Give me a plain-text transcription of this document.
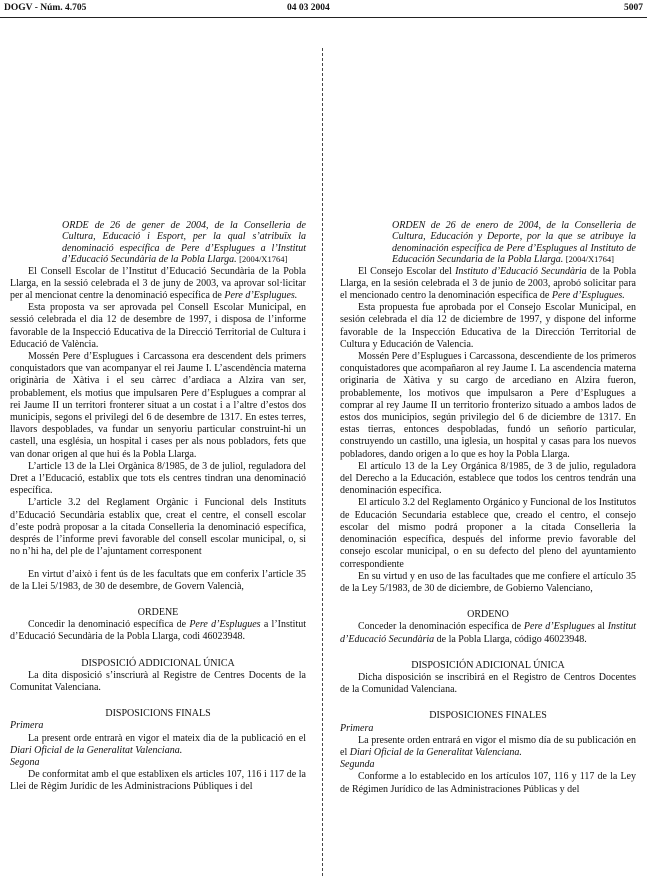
DOGV - Núm. 4.705	04 03 2004	5007

ORDE de 26 de gener de 2004, de la Conselleria de Cultura, Educació i Esport, per la qual s’atribuïx la denominació específica de Pere d’Esplugues a l’Institut d’Educació Secundària de la Pobla Llarga. [2004/X1764]

El Consell Escolar de l’Institut d’Educació Secundària de la Pobla Llarga, en la sessió celebrada el 3 de juny de 2003, va aprovar sol·licitar per al mencionat centre la denominació específica de Pere d’Esplugues.

Esta proposta va ser aprovada pel Consell Escolar Municipal, en sessió celebrada el dia 12 de desembre de 1997, i disposa de l’informe favorable de la Inspecció Educativa de la Direcció Territorial de Cultura i Educació de València.

Mossén Pere d’Esplugues i Carcassona era descendent dels primers conquistadors que van acompanyar el rei Jaume I. L’ascendència materna originària de Xàtiva i el seu càrrec d’ardiaca a Alzira van ser, probablement, els motius que impulsaren Pere d’Esplugues a comprar al rei Jaume II un territori fronterer situat a un costat i a l’altre d’estos dos municipis, segons el privilegi del 6 de desembre de 1317. En estes terres, llavors despoblades, va fundar un senyoriu particular construint-hi un castell, una església, un hospital i cases per als nous pobladors, fets que van donar origen al que hui és la Pobla Llarga.

L’article 13 de la Llei Orgànica 8/1985, de 3 de juliol, reguladora del Dret a l’Educació, establix que tots els centres tindran una denominació específica.

L’article 3.2 del Reglament Orgànic i Funcional dels Instituts d’Educació Secundària establix que, creat el centre, el consell escolar d’este podrà proposar a la citada Conselleria la denominació específica, després de l’informe previ favorable del consell escolar municipal, o, si no n’hi ha, del ple de l’ajuntament corresponent

En virtut d’això i fent ús de les facultats que em conferix l’article 35 de la Llei 5/1983, de 30 de desembre, de Govern Valencià,

ORDENE

Concedir la denominació específica de Pere d’Esplugues a l’Institut d’Educació Secundària de la Pobla Llarga, codi 46023948.

DISPOSICIÓ ADDICIONAL ÚNICA

La dita disposició s’inscriurà al Registre de Centres Docents de la Comunitat Valenciana.

DISPOSICIONS FINALS

Primera

La present orde entrarà en vigor el mateix dia de la publicació en el Diari Oficial de la Generalitat Valenciana.

Segona

De conformitat amb el que establixen els articles 107, 116 i 117 de la Llei de Règim Jurídic de les Administracions Públiques i del

ORDEN de 26 de enero de 2004, de la Conselleria de Cultura, Educación y Deporte, por la que se atribuye la denominación específica de Pere d’Esplugues al Instituto de Educación Secundaria de la Pobla Llarga. [2004/X1764]

El Consejo Escolar del Instituto d’Educació Secundària de la Pobla Llarga, en la sesión celebrada el 3 de junio de 2003, aprobó solicitar para el mencionado centro la denominación específica de Pere d’Esplugues.

Esta propuesta fue aprobada por el Consejo Escolar Municipal, en sesión celebrada el día 12 de diciembre de 1997, y dispone del informe favorable de la Inspección Educativa de la Dirección Territorial de Cultura y Educación de Valencia.

Mossén Pere d’Esplugues i Carcassona, descendiente de los primeros conquistadores que acompañaron al rey Jaume I. La ascendencia materna originaria de Xàtiva y su cargo de arcediano en Alzira fueron, probablemente, los motivos que impulsaron a Pere d’Esplugues a comprar al rey Jaume II un territorio fronterizo situado a ambos lados de estos dos municipios, según privilegio del 6 de diciembre de 1317. En estas tierras, entonces despobladas, fundó un señorío particular, construyendo un castillo, una iglesia, un hospital y casas para los nuevos pobladores, dando origen a lo que es hoy la Pobla Llarga.

El artículo 13 de la Ley Orgánica 8/1985, de 3 de julio, reguladora del Derecho a la Educación, establece que todos los centros tendrán una denominación específica.

El artículo 3.2 del Reglamento Orgánico y Funcional de los Institutos de Educación Secundaria establece que, creado el centro, el consejo escolar del mismo podrá proponer a la citada Conselleria la denominación específica, después del informe previo favorable del consejo escolar municipal, o en su defecto del pleno del ayuntamiento correspondiente

En su virtud y en uso de las facultades que me confiere el artículo 35 de la Ley 5/1983, de 30 de diciembre, de Gobierno Valenciano,

ORDENO

Conceder la denominación específica de Pere d’Esplugues al Institut d’Educació Secundària de la Pobla Llarga, código 46023948.

DISPOSICIÓN ADICIONAL ÚNICA

Dicha disposición se inscribirá en el Registro de Centros Docentes de la Comunidad Valenciana.

DISPOSICIONES FINALES

Primera

La presente orden entrará en vigor el mismo día de su publicación en el Diari Oficial de la Generalitat Valenciana.

Segunda

Conforme a lo establecido en los artículos 107, 116 y 117 de la Ley de Régimen Jurídico de las Administraciones Públicas y del
